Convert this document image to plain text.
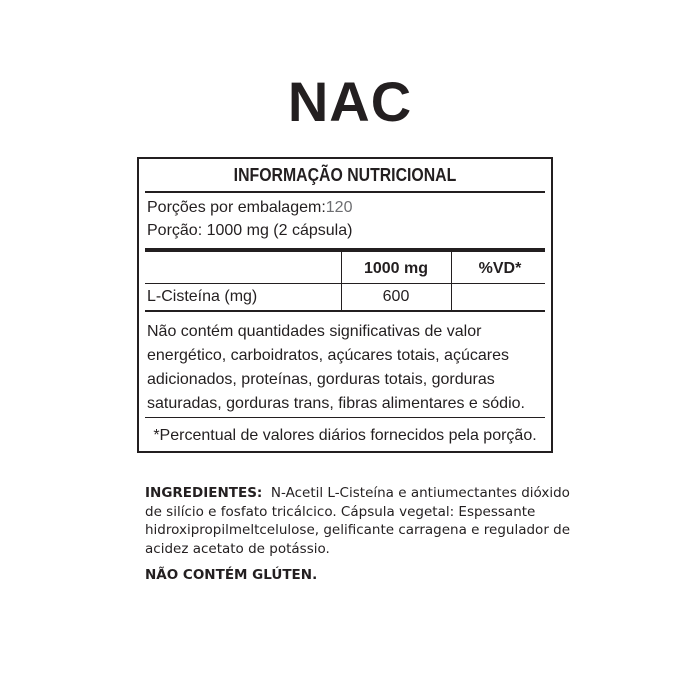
NAC
INFORMAÇÃO NUTRICIONAL
Porções por embalagem:120
Porção: 1000 mg (2 cápsula)
1000 mg	%VD*
L-Cisteína (mg)	600
Não contém quantidades significativas de valor energético, carboidratos, açúcares totais, açúcares adicionados, proteínas, gorduras totais, gorduras saturadas, gorduras trans, fibras alimentares e sódio.
*Percentual de valores diários fornecidos pela porção.
INGREDIENTES: N-Acetil L-Cisteína e antiumectantes dióxido de silício e fosfato tricálcico. Cápsula vegetal: Espessante hidroxipropilmeltcelulose, gelificante carragena e regulador de acidez acetato de potássio.
NÃO CONTÉM GLÚTEN.
